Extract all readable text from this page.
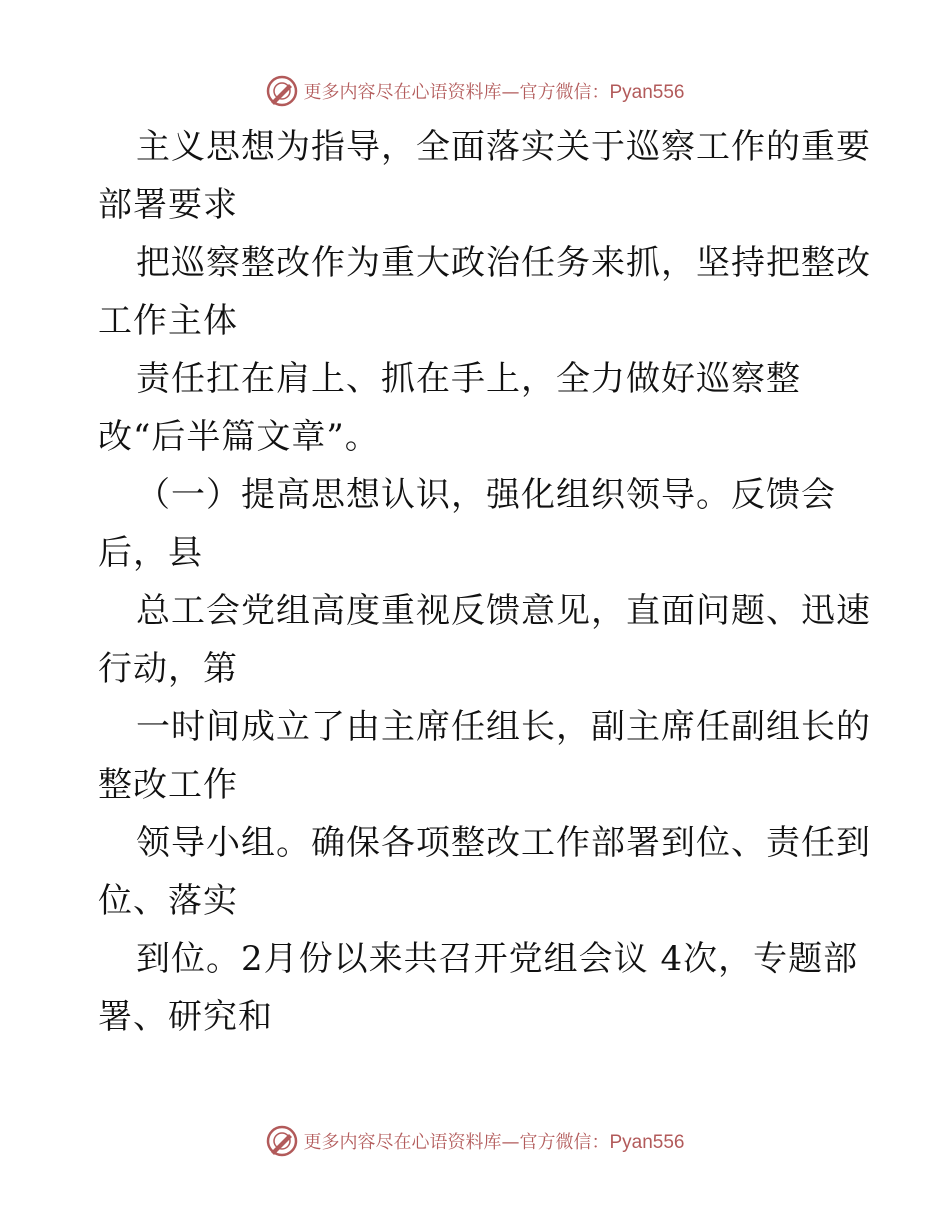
更多内容尽在心语资料库—官方微信：Pyan556
主义思想为指导，全面落实关于巡察工作的重要
部署要求
把巡察整改作为重大政治任务来抓，坚持把整改
工作主体
责任扛在肩上、抓在手上，全力做好巡察整
改“后半篇文章”。
（一）提高思想认识，强化组织领导。反馈会
后，县
总工会党组高度重视反馈意见，直面问题、迅速
行动，第
一时间成立了由主席任组长，副主席任副组长的
整改工作
领导小组。确保各项整改工作部署到位、责任到
位、落实
到位。2月份以来共召开党组会议 4次，专题部
署、研究和
更多内容尽在心语资料库—官方微信：Pyan556
